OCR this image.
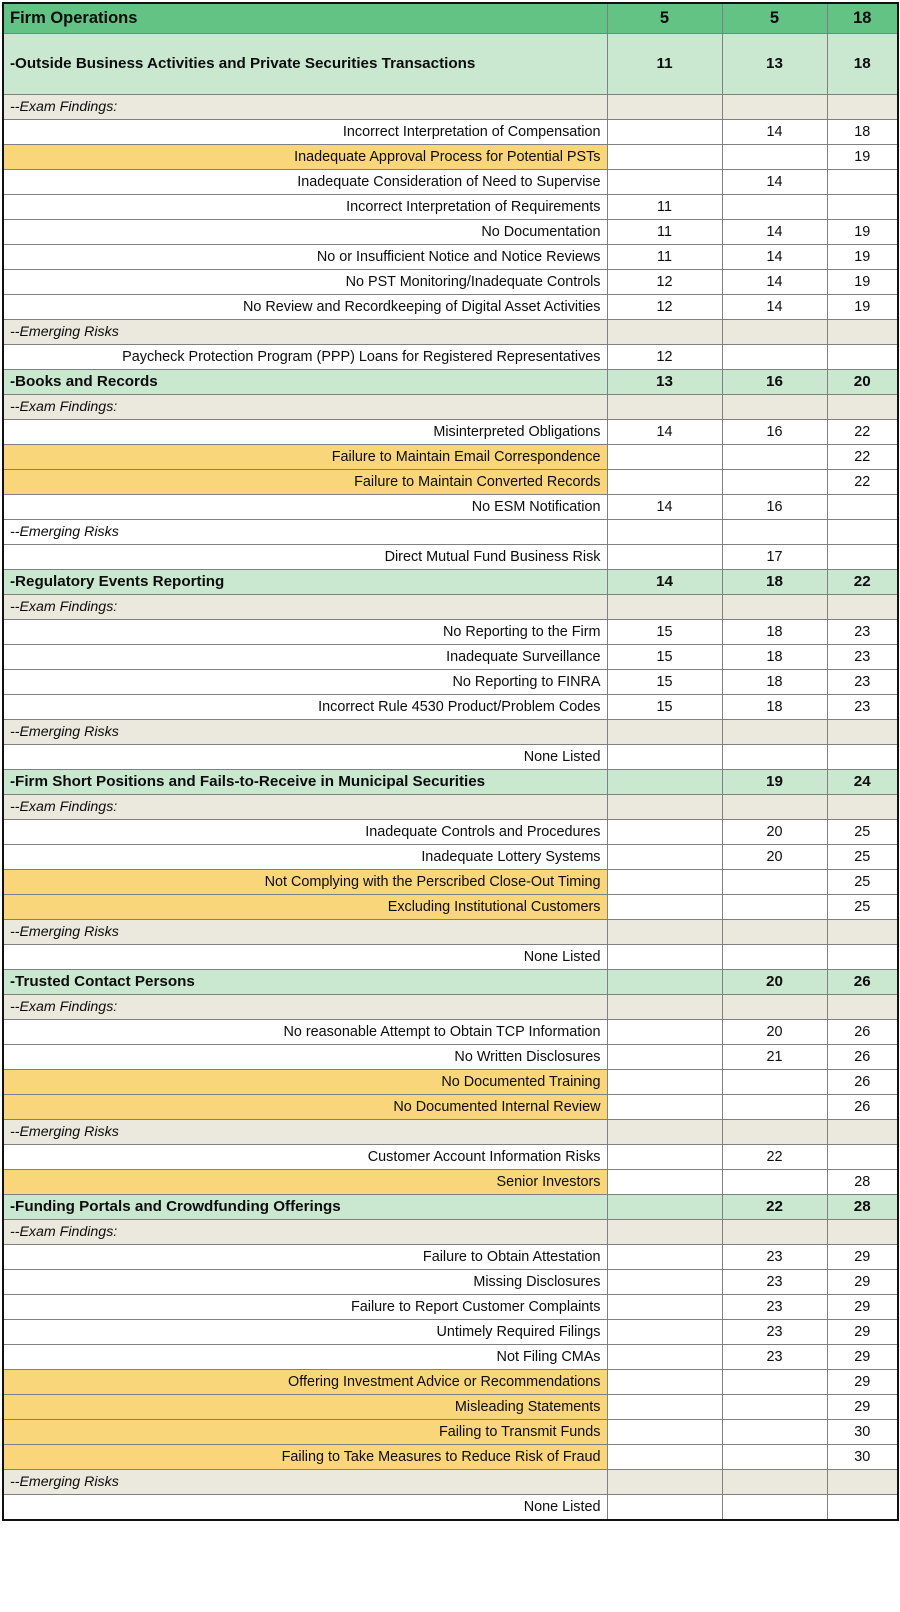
Firm Operations	5	5	18
-Outside Business Activities and Private Securities Transactions	11	13	18
--Exam Findings:			
Incorrect Interpretation of Compensation		14	18
Inadequate Approval Process for Potential PSTs			19
Inadequate Consideration of Need to Supervise		14	
Incorrect Interpretation of Requirements	11		
No Documentation	11	14	19
No or Insufficient Notice and Notice Reviews	11	14	19
No PST Monitoring/Inadequate Controls	12	14	19
No Review and Recordkeeping of Digital Asset Activities	12	14	19
--Emerging Risks			
Paycheck Protection Program (PPP) Loans for Registered Representatives	12		
-Books and Records	13	16	20
--Exam Findings:			
Misinterpreted Obligations	14	16	22
Failure to Maintain Email Correspondence			22
Failure to Maintain Converted Records			22
No ESM Notification	14	16	
--Emerging Risks			
Direct Mutual Fund Business Risk		17	
-Regulatory Events Reporting	14	18	22
--Exam Findings:			
No Reporting to the Firm	15	18	23
Inadequate Surveillance	15	18	23
No Reporting to FINRA	15	18	23
Incorrect Rule 4530 Product/Problem Codes	15	18	23
--Emerging Risks			
None Listed			
-Firm Short Positions and Fails-to-Receive in Municipal Securities		19	24
--Exam Findings:			
Inadequate Controls and Procedures		20	25
Inadequate Lottery Systems		20	25
Not Complying with the Perscribed Close-Out Timing			25
Excluding Institutional Customers			25
--Emerging Risks			
None Listed			
-Trusted Contact Persons		20	26
--Exam Findings:			
No reasonable Attempt to Obtain TCP Information		20	26
No Written Disclosures		21	26
No Documented Training			26
No Documented Internal Review			26
--Emerging Risks			
Customer Account Information Risks		22	
Senior Investors			28
-Funding Portals and Crowdfunding Offerings		22	28
--Exam Findings:			
Failure to Obtain Attestation		23	29
Missing Disclosures		23	29
Failure to Report Customer Complaints		23	29
Untimely Required Filings		23	29
Not Filing CMAs		23	29
Offering Investment Advice or Recommendations			29
Misleading Statements			29
Failing to Transmit Funds			30
Failing to Take Measures to Reduce Risk of Fraud			30
--Emerging Risks			
None Listed			
